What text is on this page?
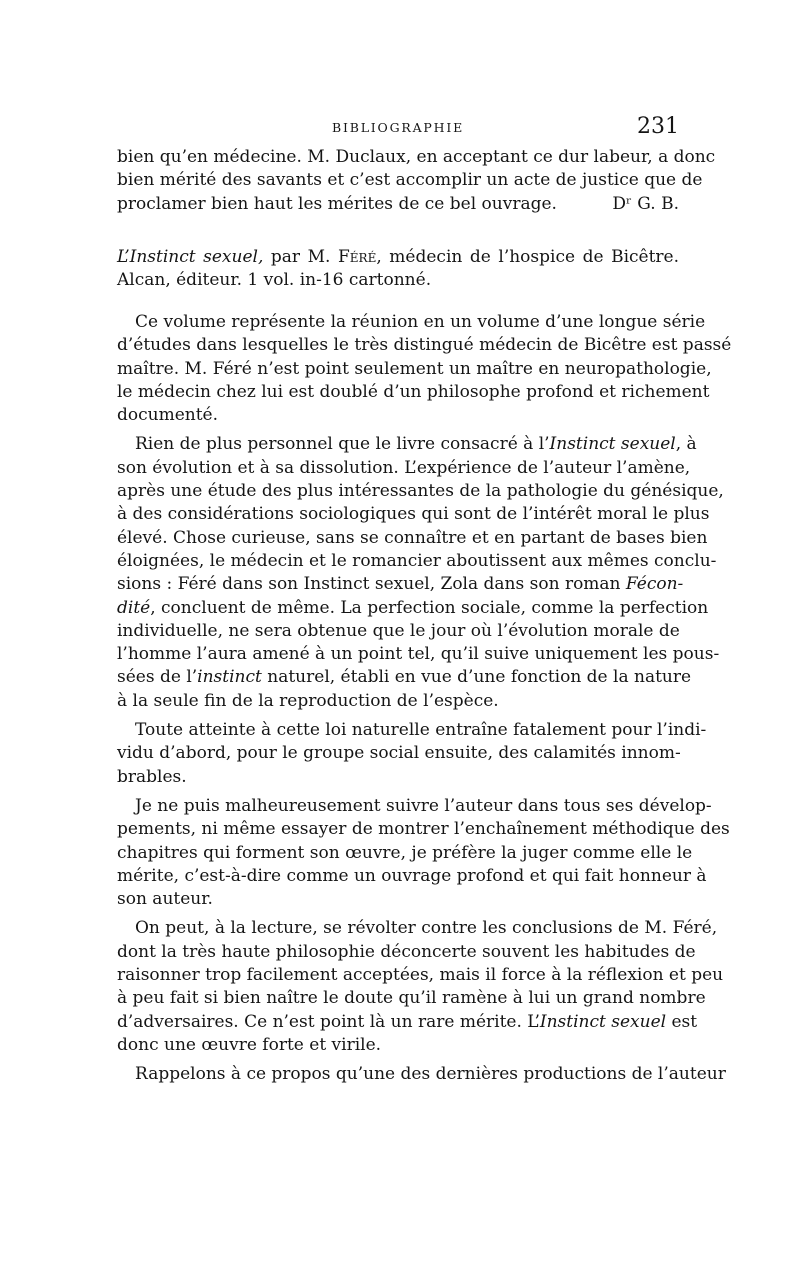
BIBLIOGRAPHIE	231
bien qu’en médecine. M. Duclaux, en acceptant ce dur labeur, a donc
bien mérité des savants et c’est accomplir un acte de justice que de
proclamer bien haut les mérites de ce bel ouvrage.	Dʳ G. B.
L’Instinct sexuel, par M. Féré, médecin de l’hospice de Bicêtre.
Alcan, éditeur. 1 vol. in-16 cartonné.

Ce volume représente la réunion en un volume d’une longue série
d’études dans lesquelles le très distingué médecin de Bicêtre est passé
maître. M. Féré n’est point seulement un maître en neuropathologie,
le médecin chez lui est doublé d’un philosophe profond et richement
documenté.

Rien de plus personnel que le livre consacré à l’Instinct sexuel, à
son évolution et à sa dissolution. L’expérience de l’auteur l’amène,
après une étude des plus intéressantes de la pathologie du génésique,
à des considérations sociologiques qui sont de l’intérêt moral le plus
élevé. Chose curieuse, sans se connaître et en partant de bases bien
éloignées, le médecin et le romancier aboutissent aux mêmes conclu-
sions : Féré dans son Instinct sexuel, Zola dans son roman Fécon-
dité, concluent de même. La perfection sociale, comme la perfection
individuelle, ne sera obtenue que le jour où l’évolution morale de
l’homme l’aura amené à un point tel, qu’il suive uniquement les pous-
sées de l’instinct naturel, établi en vue d’une fonction de la nature
à la seule fin de la reproduction de l’espèce.

Toute atteinte à cette loi naturelle entraîne fatalement pour l’indi-
vidu d’abord, pour le groupe social ensuite, des calamités innom-
brables.

Je ne puis malheureusement suivre l’auteur dans tous ses dévelop-
pements, ni même essayer de montrer l’enchaînement méthodique des
chapitres qui forment son œuvre, je préfère la juger comme elle le
mérite, c’est-à-dire comme un ouvrage profond et qui fait honneur à
son auteur.

On peut, à la lecture, se révolter contre les conclusions de M. Féré,
dont la très haute philosophie déconcerte souvent les habitudes de
raisonner trop facilement acceptées, mais il force à la réflexion et peu
à peu fait si bien naître le doute qu’il ramène à lui un grand nombre
d’adversaires. Ce n’est point là un rare mérite. L’Instinct sexuel est
donc une œuvre forte et virile.

Rappelons à ce propos qu’une des dernières productions de l’auteur
